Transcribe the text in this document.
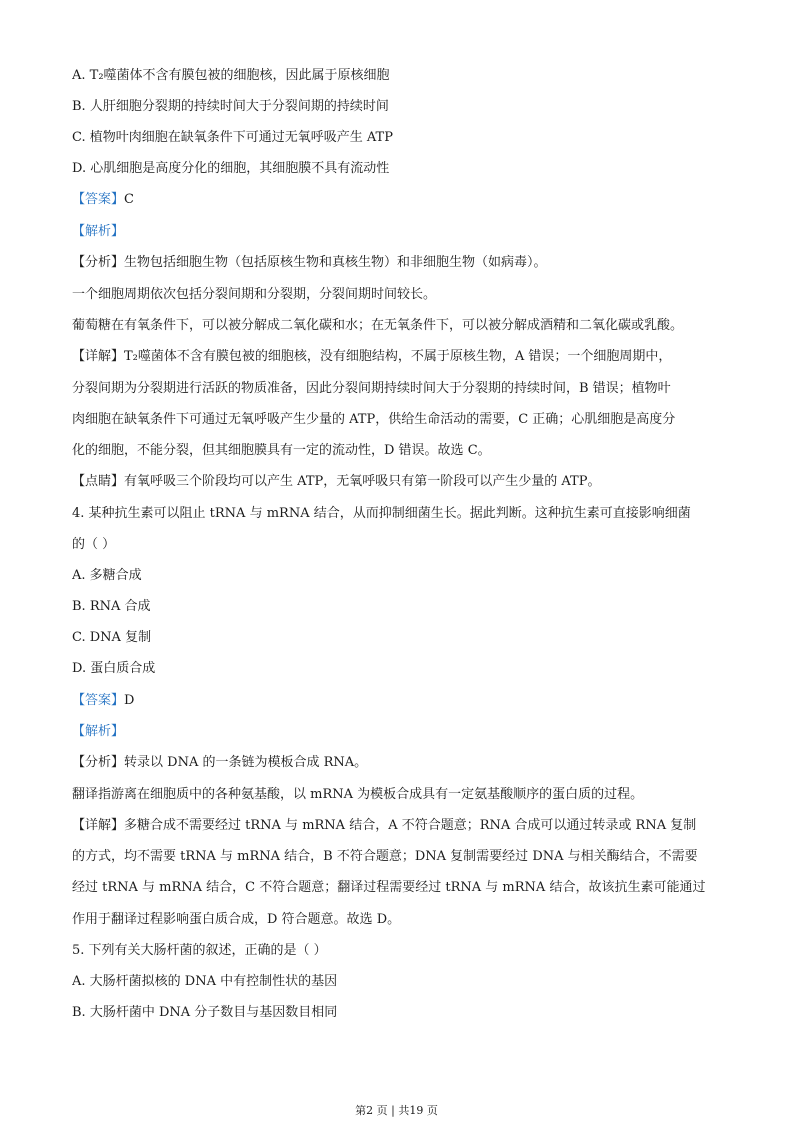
A. T₂噬菌体不含有膜包被的细胞核，因此属于原核细胞
B. 人肝细胞分裂期的持续时间大于分裂间期的持续时间
C. 植物叶肉细胞在缺氧条件下可通过无氧呼吸产生 ATP
D. 心肌细胞是高度分化的细胞，其细胞膜不具有流动性
【答案】C
【解析】
【分析】生物包括细胞生物（包括原核生物和真核生物）和非细胞生物（如病毒）。
一个细胞周期依次包括分裂间期和分裂期，分裂间期时间较长。
葡萄糖在有氧条件下，可以被分解成二氧化碳和水；在无氧条件下，可以被分解成酒精和二氧化碳或乳酸。
【详解】T₂噬菌体不含有膜包被的细胞核，没有细胞结构，不属于原核生物，A 错误；一个细胞周期中，
分裂间期为分裂期进行活跃的物质准备，因此分裂间期持续时间大于分裂期的持续时间，B 错误；植物叶
肉细胞在缺氧条件下可通过无氧呼吸产生少量的 ATP，供给生命活动的需要，C 正确；心肌细胞是高度分
化的细胞，不能分裂，但其细胞膜具有一定的流动性，D 错误。故选 C。
【点睛】有氧呼吸三个阶段均可以产生 ATP，无氧呼吸只有第一阶段可以产生少量的 ATP。
4. 某种抗生素可以阻止 tRNA 与 mRNA 结合，从而抑制细菌生长。据此判断。这种抗生素可直接影响细菌
的（ ）
A. 多糖合成
B. RNA 合成
C. DNA 复制
D. 蛋白质合成
【答案】D
【解析】
【分析】转录以 DNA 的一条链为模板合成 RNA。
翻译指游离在细胞质中的各种氨基酸，以 mRNA 为模板合成具有一定氨基酸顺序的蛋白质的过程。
【详解】多糖合成不需要经过 tRNA 与 mRNA 结合，A 不符合题意；RNA 合成可以通过转录或 RNA 复制
的方式，均不需要 tRNA 与 mRNA 结合，B 不符合题意；DNA 复制需要经过 DNA 与相关酶结合，不需要
经过 tRNA 与 mRNA 结合，C 不符合题意；翻译过程需要经过 tRNA 与 mRNA 结合，故该抗生素可能通过
作用于翻译过程影响蛋白质合成，D 符合题意。故选 D。
5. 下列有关大肠杆菌的叙述，正确的是（ ）
A. 大肠杆菌拟核的 DNA 中有控制性状的基因
B. 大肠杆菌中 DNA 分子数目与基因数目相同
第2 页 | 共19 页
